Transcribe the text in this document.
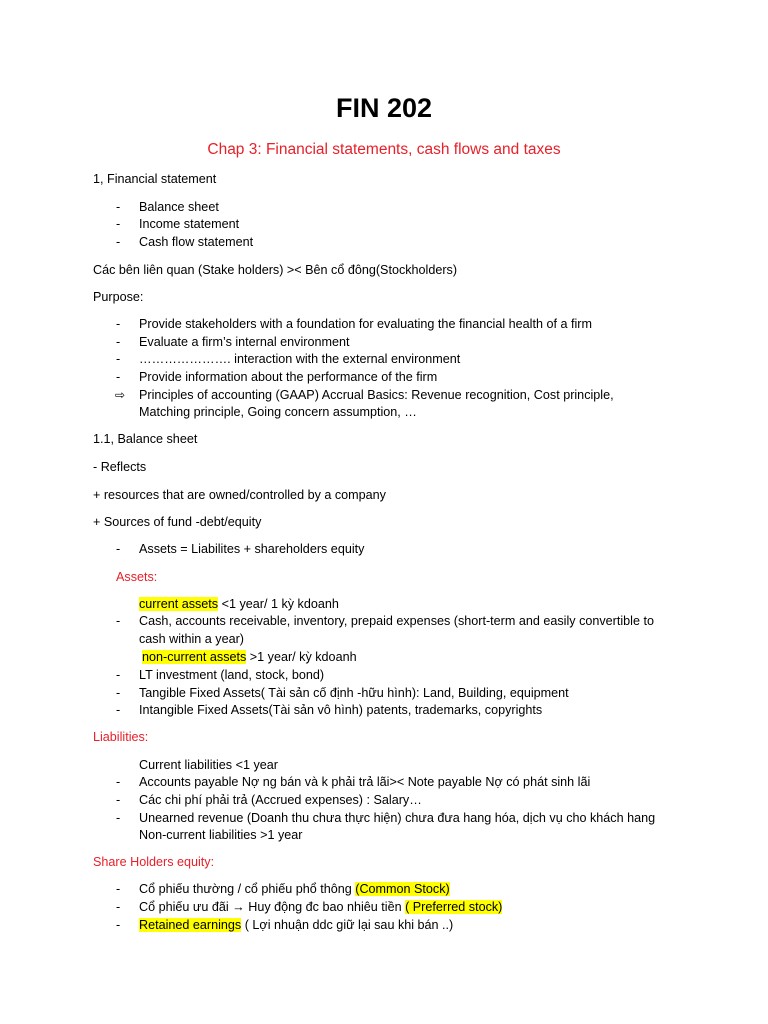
FIN 202
Chap 3: Financial statements, cash flows and taxes
1, Financial statement
- Balance sheet
- Income statement
- Cash flow statement
Các bên liên quan (Stake holders) >< Bên cổ đông(Stockholders)
Purpose:
- Provide stakeholders with a foundation for evaluating the financial health of a firm
- Evaluate a firm’s internal environment
- …………………. interaction with the external environment
- Provide information about the performance of the firm
⇨ Principles of accounting (GAAP) Accrual Basics: Revenue recognition, Cost principle,
Matching principle, Going concern assumption, …
1.1, Balance sheet
- Reflects
+ resources that are owned/controlled by a company
+ Sources of fund -debt/equity
- Assets = Liabilites + shareholders equity
Assets:
current assets <1 year/ 1 kỳ kdoanh
- Cash, accounts receivable, inventory, prepaid expenses (short-term and easily convertible to
cash within a year)
non-current assets >1 year/ kỳ kdoanh
- LT investment (land, stock, bond)
- Tangible Fixed Assets( Tài sản cố định -hữu hình): Land, Building, equipment
- Intangible Fixed Assets(Tài sản vô hình) patents, trademarks, copyrights
Liabilities:
Current liabilities <1 year
- Accounts payable Nợ ng bán và k phải trả lãi>< Note payable Nợ có phát sinh lãi
- Các chi phí phải trả (Accrued expenses) : Salary…
- Unearned revenue (Doanh thu chưa thực hiện) chưa đưa hang hóa, dịch vụ cho khách hang
Non-current liabilities >1 year
Share Holders equity:
- Cổ phiếu thường / cổ phiếu phổ thông (Common Stock)
- Cổ phiếu ưu đãi → Huy động đc bao nhiêu tiền ( Preferred stock)
- Retained earnings ( Lợi nhuận ddc giữ lại sau khi bán ..)
